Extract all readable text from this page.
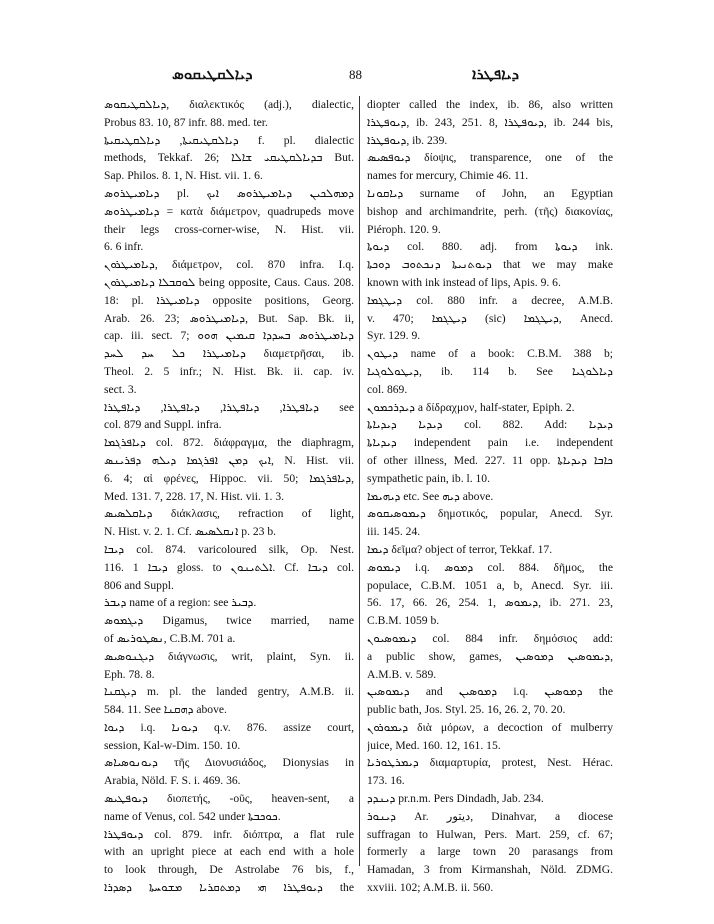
ܕܝܐܠܩܛܝܩܘܣ	88	ܕܝܐܦܛܪܐ
ܕܝܐܠܩܛܝܩܘܣ‏, διαλεκτικός (adj.), dialectic,
Probus 83. 10, 87 infr. 88. med. ter.
ܕܝܐܠܩܛܝܩܝܬܐ‏, ܕܝܐܠܩܛܝܩܝܬܐ f. pl. dialectic
methods, Tekkaf. 26; ܒܕܝܐܠܩܛܝܩܝ ܫܐܠܐ But.
Sap. Philos. 8. 1, N. Hist. vii. 1. 6.
ܕܝܐܡܝܛܪܘܣ‏ pl. ܕܡܗܠܟܝܢ ܕܝܐܡܝܛܪܘܣ ܐܝܟ
ܕܝܐܡܝܛܪܘܣ = κατὰ διάμετρον, quadrupeds move
their legs cross-corner-wise, N. Hist. vii.
6. 6 infr.
ܕܝܐܡܝܛܪܘܢ‏, διάμετρον, col. 870 infra. I.q.
ܠܘܩܒܠܐ ܕܝܐܡܝܛܪܘܢ‏ being opposite, Caus. Caus. 208.
18: pl. ܕܝܐܡܝܛܪܐ‏ opposite positions, Georg.
Arab. 26. 23; ܕܝܐܡܝܛܪܘܣ‏, But. Sap. Bk. ii,
cap. iii. sect. 7; ܕܝܐܡܝܛܪܘܣ ܒܚܕܕܐ ܩܝܡܝܢ ܗܘܘ
ܕܝܐܡܝܛܪܐ ܟܠ ܚܕ ܠܚܕ‏ διαμετρῆσαι, ib.
Theol. 2. 5 infr.; N. Hist. Bk. ii. cap. iv.
sect. 3.
ܕܝܐܦܛܪܐ‏, ܕܝܐܦܛܪܐ‏, ܕܝܐܦܛܪܐ‏, ܕܝܐܦܛܪܐ‏ see
col. 879 and Suppl. infra.
ܕܝܐܦܪܓܡܐ‏ col. 872. διάφραγμα, the diaphragm,
ܐܝܟ ܕܡܢ ܐܦܪܓܡܐ ܕܝܠܗ ܕܦܪܝܢܣ‏, N. Hist. vii.
6. 4; αἱ φρένες, Hippoc. vii. 50; ܕܝܐܦܪܓܡܐ‏,
Med. 131. 7, 228. 17, N. Hist. vii. 1. 3.
ܕܝܐܩܠܣܝܣ‏ διάκλασις, refraction of light,
N. Hist. v. 2. 1. Cf. ܐܢܩܠܣܝܣ‏ p. 23 b.
ܕܝܒܐ‏ col. 874. varicoloured silk, Op. Nest.
116. 1 ܕܝܒܐ gloss. to ܐܠܬܝܢܘܢ‏. Cf. ܕܝܒܐ‏ col.
806 and Suppl.
ܕܝܒܪ‏ name of a region: see ܕܒܝܪ‏.
ܕܝܓܡܘܣ‏ Digamus, twice married, name
of ܢܣܛܘܪܝܣ‏, C.B.M. 701 a.
ܕܝܓܢܘܣܝܣ‏ διάγνωσις, writ, plaint, Syn. ii.
Eph. 78. 8.
ܕܝܓܩܢܐ‏ m. pl. the landed gentry, A.M.B. ii.
584. 11. See ܕܗܩܢܐ‏ above.
ܕܝܘܐ‏ i.q. ܕܝܘܢܐ‏ q.v. 876. assize court,
session, Kal-w-Dim. 150. 10.
ܕܝܘܢܘܣܝܐܣ‏ τῆς Διονυσιάδος, Dionysias in
Arabia, Nöld. F. S. i. 469. 36.
ܕܝܘܦܛܝܣ‏ διοπετής, -οῦς, heaven-sent, a
name of Venus, col. 542 under ܟܘܟܒܬܐ‏.
ܕܝܘܦܛܪܐ‏ col. 879. infr. διόπτρα, a flat rule
with an upright piece at each end with a hole
to look through, De Astrolabe 76 bis, f.,
ܕܝܘܦܛܪܐ ܗܝ ܕܡܬܩܪܝܐ ܡܫܘܚܬܐ ܕܣܕܪܐ‏ the
diopter called the index, ib. 86, also written
ܕܝܘܦܛܪܐ‏, ib. 243, 251. 8, ܕܝܘܦܛܪܐ‏, ib. 244 bis,
ܕܝܘܦܛܪܐ‏, ib. 239.
ܕܝܘܦܣܝܣ‏ δίοψις, transparence, one of the
names for mercury, Chimie 46. 11.
ܕܝܐܩܘܢܐ‏ surname of John, an Egyptian
bishop and archimandrite, perh. (τῆς) διακονίας,
Piéroph. 120. 9.
ܕܝܘܬܐ‏ col. 880. adj. from ܕܝܘܬܐ‏ ink.
ܕܝܘܬܢܝܬܐ ܕܢܟܬܘܒ ܕܘܟܬܐ‏ that we may make
known with ink instead of lips, Apis. 9. 6.
ܕܝܛܓܡܐ‏ col. 880 infr. a decree, A.M.B.
v. 470; ܕܝܛܓܡܐ (sic) ܕܝܛܓܡܐ‏, Anecd.
Syr. 129. 9.
ܕܝܛܘܢ‏ name of a book: C.B.M. 388 b;
ܕܝܛܘܠܘܓܝܐ‏, ib. 114 b. See ܕܝܐܠܘܓܝܐ‏
col. 869.
ܕܝܕܪܟܡܘܢ‏ a δίδραχμον, half-stater, Epiph. 2.
ܕܝܕܝܐ‏ ܕܝܕܝܐܬܐ‏ col. 882. Add: ܕܝܕܝܐ‏
ܕܝܕܝܐܬܐ‏ independent pain i.e. independent
of other illness, Med. 227. 11 opp. ܟܐܒܐ ܕܝܕܝܐܬܐ‏
sympathetic pain, ib. l. 10.
ܕܝܗܝܡܐ‏ etc. See ܕܝܗ above.
ܕܝܡܘܣܝܩܘܣ‏ δημοτικός, popular, Anecd. Syr.
iii. 145. 24.
ܕܝܡܐ‏ δεῖμα? object of terror, Tekkaf. 17.
ܕܝܡܘܣ‏ i.q. ܕܡܘܣ‏ col. 884. δῆμος, the
populace, C.B.M. 1051 a, b, Anecd. Syr. iii.
56. 17, 66. 26, 254. 1, ܕܝܡܘܣ‏, ib. 271. 23,
C.B.M. 1059 b.
ܕܝܡܘܣܝܘܢ‏ col. 884 infr. δημόσιος add:
a public show, games, ܕܝܡܘܣܝܢ ܕܡܘܣܝܢ‏,
A.M.B. v. 589.
ܕܝܡܘܣܝܢ‏ and ܕܡܘܣܝܢ‏ i.q. ܕܡܘܣܝܢ‏ the
public bath, Jos. Styl. 25. 16, 26. 2, 70. 20.
ܕܝܡܘܪܘܢ‏ διὰ μόρων, a decoction of mulberry
juice, Med. 160. 12, 161. 15.
ܕܝܡܪܛܘܪܝܐ‏ διαμαρτυρία, protest, Nest. Hérac.
173. 16.
ܕܝܢܕܕ‏ pr.n.m. Pers Dindadh, Jab. 234.
ܕܝܢܘܪ‏ Ar. ديتور, Dinahvar, a diocese
suffragan to Hulwan, Pers. Mart. 259, cf. 67;
formerly a large town 20 parasangs from
Hamadan, 3 from Kirmanshah, Nöld. ZDMG.
xxviii. 102; A.M.B. ii. 560.
